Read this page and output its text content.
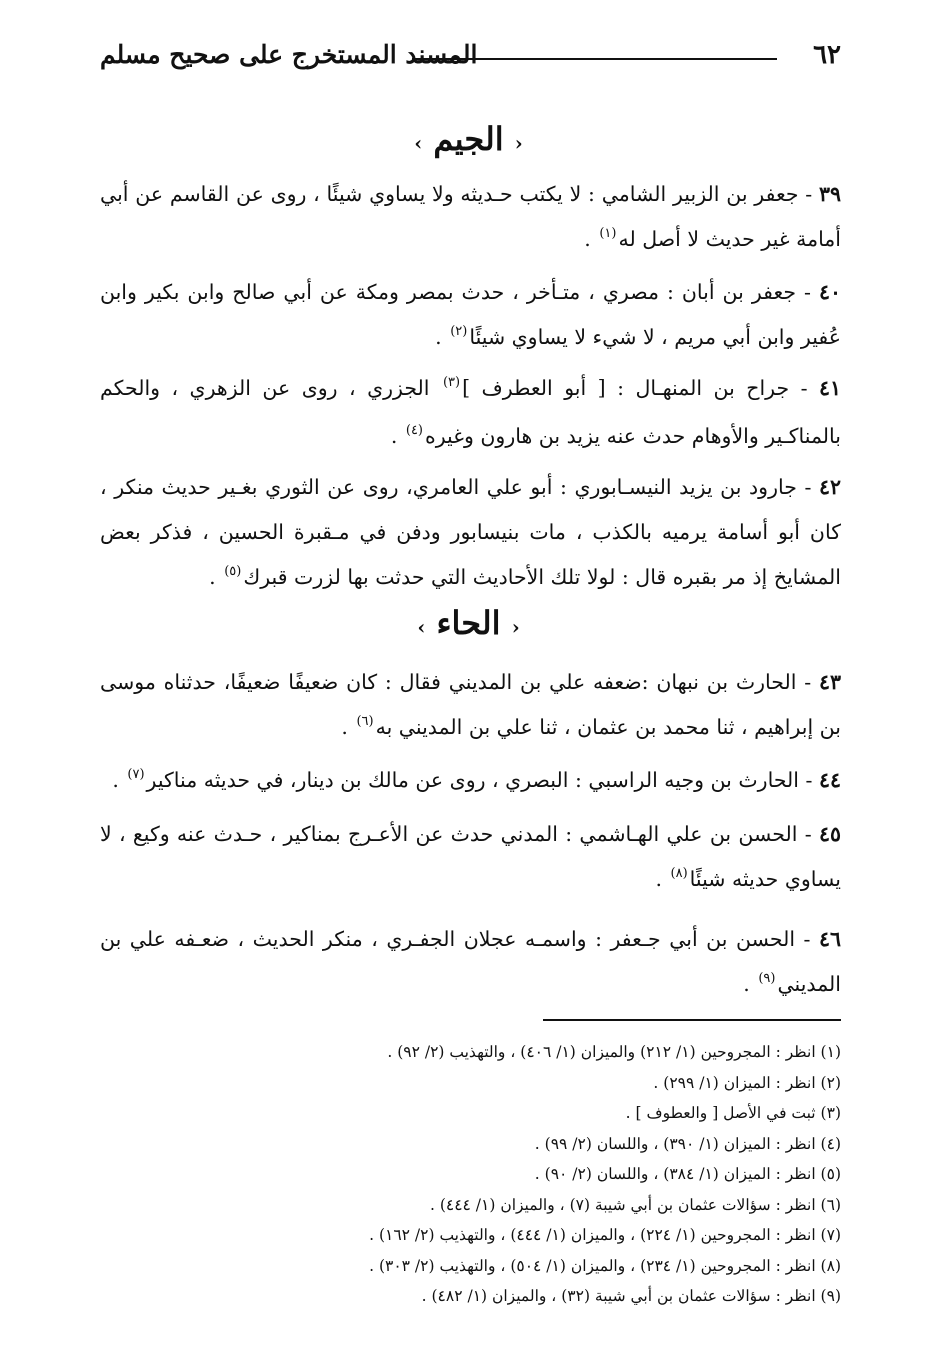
٦٢
المسند المستخرج على صحيح مسلم
‹ الجيم ›
٣٩ - جعفر بن الزبير الشامي : لا يكتب حـديثه ولا يساوي شيئًا ، روى عن القاسم عن أبي أمامة غير حديث لا أصل له$^{(١)}$ .
٤٠ - جعفر بن أبان : مصري ، متـأخر ، حدث بمصر ومكة عن أبي صالح وابن بكير وابن عُفير وابن أبي مريم ، لا شيء لا يساوي شيئًا$^{(٢)}$ .
٤١ - جراح بن المنهـال : [ أبو العطرف ]$^{(٣)}$ الجزري ، روى عن الزهري ، والحكم بالمناكـير والأوهام حدث عنه يزيد بن هارون وغيره$^{(٤)}$ .
٤٢ - جارود بن يزيد النيسـابوري : أبو علي العامري، روى عن الثوري بغـير حديث منكر ، كان أبو أسامة يرميه بالكذب ، مات بنيسابور ودفن في مـقبرة الحسين ، فذكر بعض المشايخ إذ مر بقبره قال : لولا تلك الأحاديث التي حدثت بها لزرت قبرك$^{(٥)}$ .
‹ الحاء ›
٤٣ - الحارث بن نبهان :ضعفه علي بن المديني فقال : كان ضعيفًا ضعيفًا، حدثناه موسى بن إبراهيم ، ثنا محمد بن عثمان ، ثنا علي بن المديني به$^{(٦)}$ .
٤٤ - الحارث بن وجيه الراسبي : البصري ، روى عن مالك بن دينار، في حديثه مناكير$^{(٧)}$ .
٤٥ - الحسن بن علي الهـاشمي : المدني حدث عن الأعـرج بمناكير ، حـدث عنه وكيع ، لا يساوي حديثه شيئًا$^{(٨)}$ .
٤٦ - الحسن بن أبي جـعفر : واسمـه عجلان الجفـري ، منكر الحديث ، ضعـفه علي بن المديني$^{(٩)}$ .
(١) انظر : المجروحين (١/ ٢١٢) والميزان (١/ ٤٠٦) ، والتهذيب (٢/ ٩٢) .
(٢) انظر : الميزان (١/ ٢٩٩) .
(٣) ثبت في الأصل [ والعطوف ] .
(٤) انظر : الميزان (١/ ٣٩٠) ، واللسان (٢/ ٩٩) .
(٥) انظر : الميزان (١/ ٣٨٤) ، واللسان (٢/ ٩٠) .
(٦) انظر : سؤالات عثمان بن أبي شيبة (٧) ، والميزان (١/ ٤٤٤) .
(٧) انظر : المجروحين (١/ ٢٢٤) ، والميزان (١/ ٤٤٤) ، والتهذيب (٢/ ١٦٢) .
(٨) انظر : المجروحين (١/ ٢٣٤) ، والميزان (١/ ٥٠٤) ، والتهذيب (٢/ ٣٠٣) .
(٩) انظر : سؤالات عثمان بن أبي شيبة (٣٢) ، والميزان (١/ ٤٨٢) .
